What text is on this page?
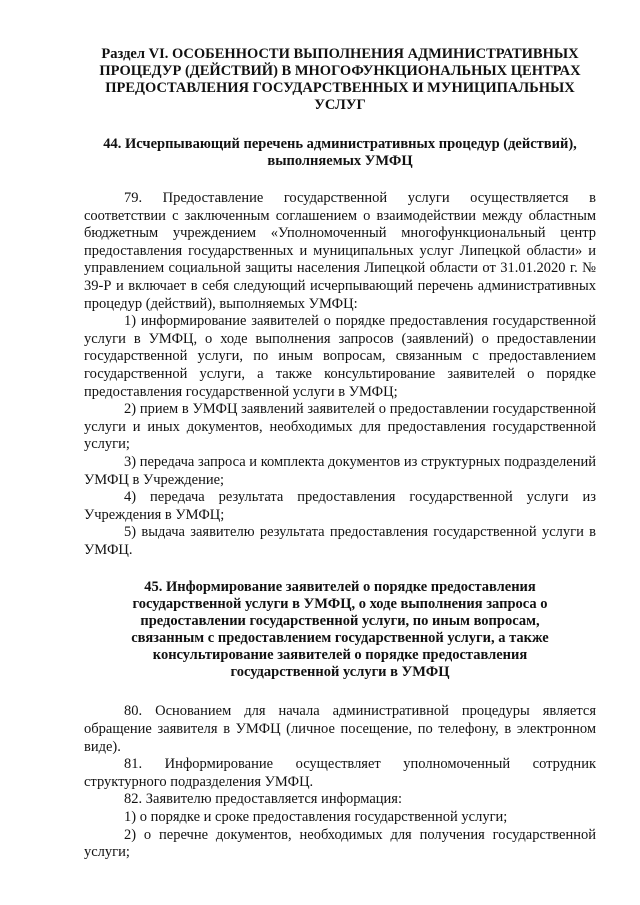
Раздел VI. ОСОБЕННОСТИ ВЫПОЛНЕНИЯ АДМИНИСТРАТИВНЫХ ПРОЦЕДУР (ДЕЙСТВИЙ) В МНОГОФУНКЦИОНАЛЬНЫХ ЦЕНТРАХ ПРЕДОСТАВЛЕНИЯ ГОСУДАРСТВЕННЫХ И МУНИЦИПАЛЬНЫХ УСЛУГ

44. Исчерпывающий перечень административных процедур (действий), выполняемых УМФЦ

79. Предоставление государственной услуги осуществляется в соответствии с заключенным соглашением о взаимодействии между областным бюджетным учреждением «Уполномоченный многофункциональный центр предоставления государственных и муниципальных услуг Липецкой области» и управлением социальной защиты населения Липецкой области от 31.01.2020 г. № 39-Р и включает в себя следующий исчерпывающий перечень административных процедур (действий), выполняемых УМФЦ:

1) информирование заявителей о порядке предоставления государственной услуги в УМФЦ, о ходе выполнения запросов (заявлений) о предоставлении государственной услуги, по иным вопросам, связанным с предоставлением государственной услуги, а также консультирование заявителей о порядке предоставления государственной услуги в УМФЦ;

2) прием в УМФЦ заявлений заявителей о предоставлении государственной услуги и иных документов, необходимых для предоставления государственной услуги;

3) передача запроса и комплекта документов из структурных подразделений УМФЦ в Учреждение;

4) передача результата предоставления государственной услуги из Учреждения в УМФЦ;

5) выдача заявителю результата предоставления государственной услуги в УМФЦ.

45. Информирование заявителей о порядке предоставления государственной услуги в УМФЦ, о ходе выполнения запроса о предоставлении государственной услуги, по иным вопросам, связанным с предоставлением государственной услуги, а также консультирование заявителей о порядке предоставления государственной услуги в УМФЦ

80. Основанием для начала административной процедуры является обращение заявителя в УМФЦ (личное посещение, по телефону, в электронном виде).

81. Информирование осуществляет уполномоченный сотрудник структурного подразделения УМФЦ.

82. Заявителю предоставляется информация:

1) о порядке и сроке предоставления государственной услуги;

2) о перечне документов, необходимых для получения государственной услуги;
